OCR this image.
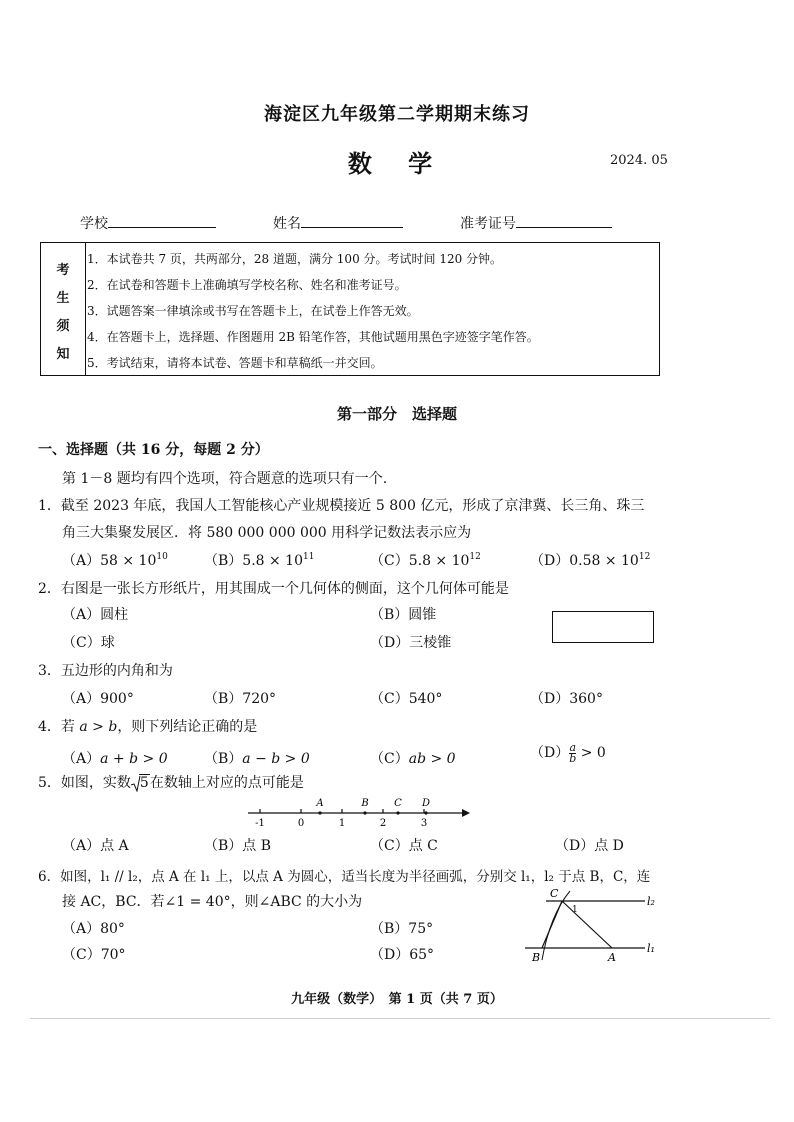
海淀区九年级第二学期期末练习
数 学	2024. 05
学校	姓名	准考证号
考
生
须
知
1．本试卷共 7 页，共两部分，28 道题，满分 100 分。考试时间 120 分钟。
2．在试卷和答题卡上准确填写学校名称、姓名和准考证号。
3．试题答案一律填涂或书写在答题卡上，在试卷上作答无效。
4．在答题卡上，选择题、作图题用 2B 铅笔作答，其他试题用黑色字迹签字笔作答。
5．考试结束，请将本试卷、答题卡和草稿纸一并交回。
第一部分　选择题
一、选择题（共 16 分，每题 2 分）
第 1－8 题均有四个选项，符合题意的选项只有一个.
1．截至 2023 年底，我国人工智能核心产业规模接近 5 800 亿元，形成了京津冀、长三角、珠三
角三大集聚发展区．将 580 000 000 000 用科学记数法表示应为
$(A)58 \times 10^{10}$	$(B)5.8 \times 10^{11}$	$(C)5.8 \times 10^{12}$	$(D)0.58 \times 10^{12}$
2．右图是一张长方形纸片，用其围成一个几何体的侧面，这个几何体可能是
（A）圆柱	（B）圆锥
（C）球	（D）三棱锥
3．五边形的内角和为
（A）900°	（B）720°	（C）540°	（D）360°
4．若 a > b，则下列结论正确的是
（A）a + b > 0	（B）a − b > 0	（C）ab > 0	$(D) \frac{a}{b} > 0$
5．如图，实数 5在数轴上对应的点可能是
-1	0	1	2	3
A	B	C D
（A）点 A	（B）点 B	（C）点 C	（D）点 D
6．如图，l₁ // l₂，点 A 在 l₁ 上，以点 A 为圆心，适当长度为半径画弧，分别交 l₁，l₂ 于点 B，C，连
接 AC，BC．若∠1 = 40°，则∠ABC 的大小为
（A）80°	（B）75°
（C）70°	（D）65°
C
1
l₂
B	A
l₁
九年级（数学）　第 1 页（共 7 页）
